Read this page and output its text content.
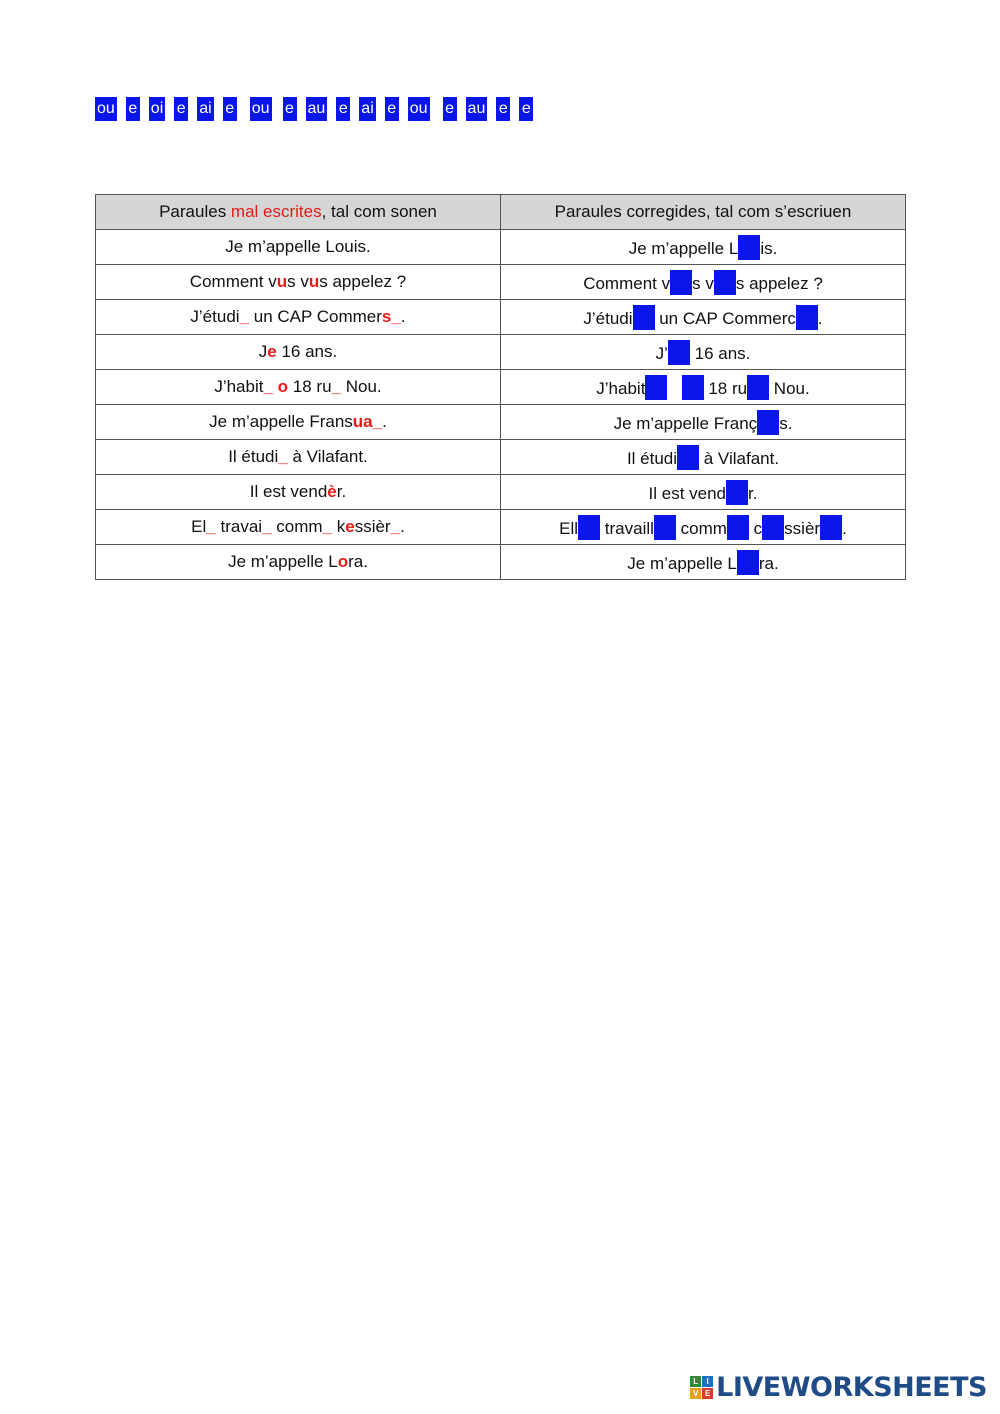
ou e oi e ai e ou e au e ai e ou e au e e
Paraules mal escrites, tal com sonen	Paraules corregides, tal com s’escriuen
Je m’appelle Louis.	Je m’appelle L is.
Comment vus vus appelez ?	Comment v s v s appelez ?
J’étudi_ un CAP Commers_.	J’étudi un CAP Commerc .
Je 16 ans.	J’ 16 ans.
J’habit_ o 18 ru_ Nou.	J’habit 18 ru Nou.
Je m’appelle Fransua_.	Je m’appelle Franç s.
Il étudi_ à Vilafant.	Il étudi à Vilafant.
Il est vendèr.	Il est vend r.
El_ travai_ comm_ kessièr_.	Ell travaill comm c ssièr .
Je m’appelle Lora.	Je m’appelle L ra.
L	I
V E LIVEWORKSHEETS
